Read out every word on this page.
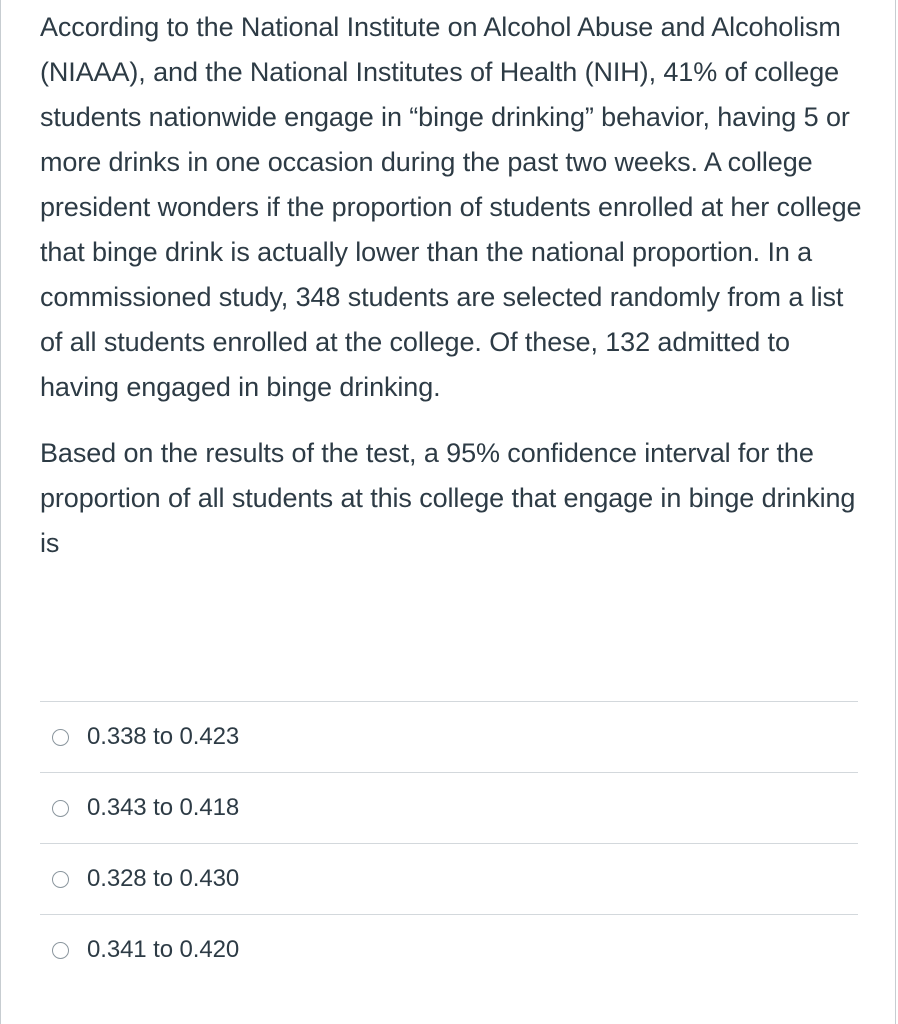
According to the National Institute on Alcohol Abuse and Alcoholism (NIAAA), and the National Institutes of Health (NIH), 41% of college students nationwide engage in “binge drinking” behavior, having 5 or more drinks in one occasion during the past two weeks. A college president wonders if the proportion of students enrolled at her college that binge drink is actually lower than the national proportion. In a commissioned study, 348 students are selected randomly from a list of all students enrolled at the college. Of these, 132 admitted to having engaged in binge drinking.

Based on the results of the test, a 95% confidence interval for the proportion of all students at this college that engage in binge drinking is

0.338 to 0.423
0.343 to 0.418
0.328 to 0.430
0.341 to 0.420
